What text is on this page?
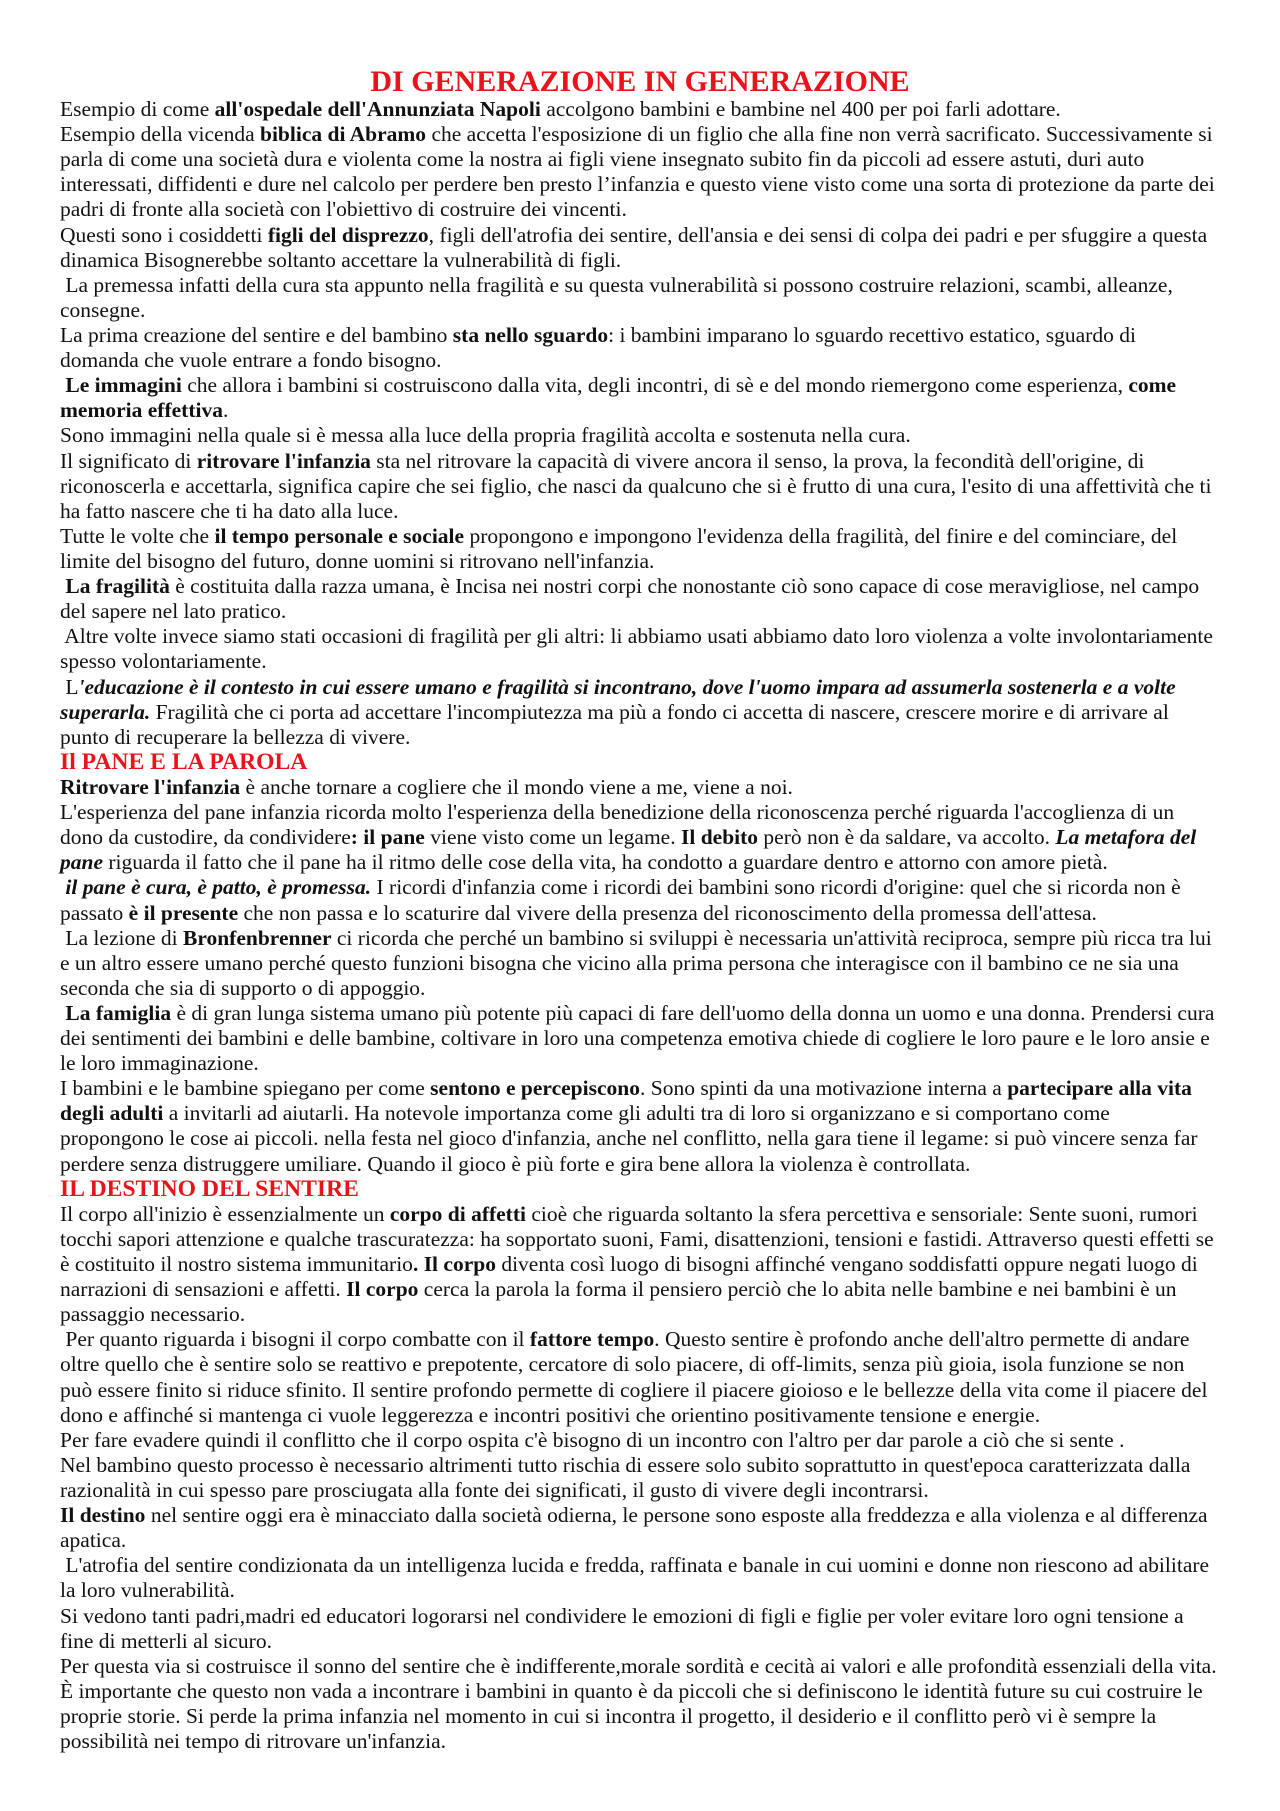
DI GENERAZIONE IN GENERAZIONE
Esempio di come all'ospedale dell'Annunziata Napoli accolgono bambini e bambine nel 400 per poi farli adottare.
Esempio della vicenda biblica di Abramo che accetta l'esposizione di un figlio che alla fine non verrà sacrificato. Successivamente si
parla di come una società dura e violenta come la nostra ai figli viene insegnato subito fin da piccoli ad essere astuti, duri auto
interessati, diffidenti e dure nel calcolo per perdere ben presto l’infanzia e questo viene visto come una sorta di protezione da parte dei
padri di fronte alla società con l'obiettivo di costruire dei vincenti.
Questi sono i cosiddetti figli del disprezzo, figli dell'atrofia dei sentire, dell'ansia e dei sensi di colpa dei padri e per sfuggire a questa
dinamica Bisognerebbe soltanto accettare la vulnerabilità di figli.
La premessa infatti della cura sta appunto nella fragilità e su questa vulnerabilità si possono costruire relazioni, scambi, alleanze,
consegne.
La prima creazione del sentire e del bambino sta nello sguardo: i bambini imparano lo sguardo recettivo estatico, sguardo di
domanda che vuole entrare a fondo bisogno.
Le immagini che allora i bambini si costruiscono dalla vita, degli incontri, di sè e del mondo riemergono come esperienza, come
memoria effettiva.
Sono immagini nella quale si è messa alla luce della propria fragilità accolta e sostenuta nella cura.
Il significato di ritrovare l'infanzia sta nel ritrovare la capacità di vivere ancora il senso, la prova, la fecondità dell'origine, di
riconoscerla e accettarla, significa capire che sei figlio, che nasci da qualcuno che si è frutto di una cura, l'esito di una affettività che ti
ha fatto nascere che ti ha dato alla luce.
Tutte le volte che il tempo personale e sociale propongono e impongono l'evidenza della fragilità, del finire e del cominciare, del
limite del bisogno del futuro, donne uomini si ritrovano nell'infanzia.
La fragilità è costituita dalla razza umana, è Incisa nei nostri corpi che nonostante ciò sono capace di cose meravigliose, nel campo
del sapere nel lato pratico.
Altre volte invece siamo stati occasioni di fragilità per gli altri: li abbiamo usati abbiamo dato loro violenza a volte involontariamente
spesso volontariamente.
L'educazione è il contesto in cui essere umano e fragilità si incontrano, dove l'uomo impara ad assumerla sostenerla e a volte
superarla. Fragilità che ci porta ad accettare l'incompiutezza ma più a fondo ci accetta di nascere, crescere morire e di arrivare al
punto di recuperare la bellezza di vivere.
Il PANE E LA PAROLA
Ritrovare l'infanzia è anche tornare a cogliere che il mondo viene a me, viene a noi.
L'esperienza del pane infanzia ricorda molto l'esperienza della benedizione della riconoscenza perché riguarda l'accoglienza di un
dono da custodire, da condividere: il pane viene visto come un legame. Il debito però non è da saldare, va accolto. La metafora del
pane riguarda il fatto che il pane ha il ritmo delle cose della vita, ha condotto a guardare dentro e attorno con amore pietà.
il pane è cura, è patto, è promessa. I ricordi d'infanzia come i ricordi dei bambini sono ricordi d'origine: quel che si ricorda non è
passato è il presente che non passa e lo scaturire dal vivere della presenza del riconoscimento della promessa dell'attesa.
La lezione di Bronfenbrenner ci ricorda che perché un bambino si sviluppi è necessaria un'attività reciproca, sempre più ricca tra lui
e un altro essere umano perché questo funzioni bisogna che vicino alla prima persona che interagisce con il bambino ce ne sia una
seconda che sia di supporto o di appoggio.
La famiglia è di gran lunga sistema umano più potente più capaci di fare dell'uomo della donna un uomo e una donna. Prendersi cura
dei sentimenti dei bambini e delle bambine, coltivare in loro una competenza emotiva chiede di cogliere le loro paure e le loro ansie e
le loro immaginazione.
I bambini e le bambine spiegano per come sentono e percepiscono. Sono spinti da una motivazione interna a partecipare alla vita
degli adulti a invitarli ad aiutarli. Ha notevole importanza come gli adulti tra di loro si organizzano e si comportano come
propongono le cose ai piccoli. nella festa nel gioco d'infanzia, anche nel conflitto, nella gara tiene il legame: si può vincere senza far
perdere senza distruggere umiliare. Quando il gioco è più forte e gira bene allora la violenza è controllata.
IL DESTINO DEL SENTIRE
Il corpo all'inizio è essenzialmente un corpo di affetti cioè che riguarda soltanto la sfera percettiva e sensoriale: Sente suoni, rumori
tocchi sapori attenzione e qualche trascuratezza: ha sopportato suoni, Fami, disattenzioni, tensioni e fastidi. Attraverso questi effetti se
è costituito il nostro sistema immunitario. Il corpo diventa così luogo di bisogni affinché vengano soddisfatti oppure negati luogo di
narrazioni di sensazioni e affetti. Il corpo cerca la parola la forma il pensiero perciò che lo abita nelle bambine e nei bambini è un
passaggio necessario.
Per quanto riguarda i bisogni il corpo combatte con il fattore tempo. Questo sentire è profondo anche dell'altro permette di andare
oltre quello che è sentire solo se reattivo e prepotente, cercatore di solo piacere, di off-limits, senza più gioia, isola funzione se non
può essere finito si riduce sfinito. Il sentire profondo permette di cogliere il piacere gioioso e le bellezze della vita come il piacere del
dono e affinché si mantenga ci vuole leggerezza e incontri positivi che orientino positivamente tensione e energie.
Per fare evadere quindi il conflitto che il corpo ospita c'è bisogno di un incontro con l'altro per dar parole a ciò che si sente .
Nel bambino questo processo è necessario altrimenti tutto rischia di essere solo subito soprattutto in quest'epoca caratterizzata dalla
razionalità in cui spesso pare prosciugata alla fonte dei significati, il gusto di vivere degli incontrarsi.
Il destino nel sentire oggi era è minacciato dalla società odierna, le persone sono esposte alla freddezza e alla violenza e al differenza
apatica.
L'atrofia del sentire condizionata da un intelligenza lucida e fredda, raffinata e banale in cui uomini e donne non riescono ad abilitare
la loro vulnerabilità.
Si vedono tanti padri,madri ed educatori logorarsi nel condividere le emozioni di figli e figlie per voler evitare loro ogni tensione a
fine di metterli al sicuro.
Per questa via si costruisce il sonno del sentire che è indifferente,morale sordità e cecità ai valori e alle profondità essenziali della vita.
È importante che questo non vada a incontrare i bambini in quanto è da piccoli che si definiscono le identità future su cui costruire le
proprie storie. Si perde la prima infanzia nel momento in cui si incontra il progetto, il desiderio e il conflitto però vi è sempre la
possibilità nei tempo di ritrovare un'infanzia.
